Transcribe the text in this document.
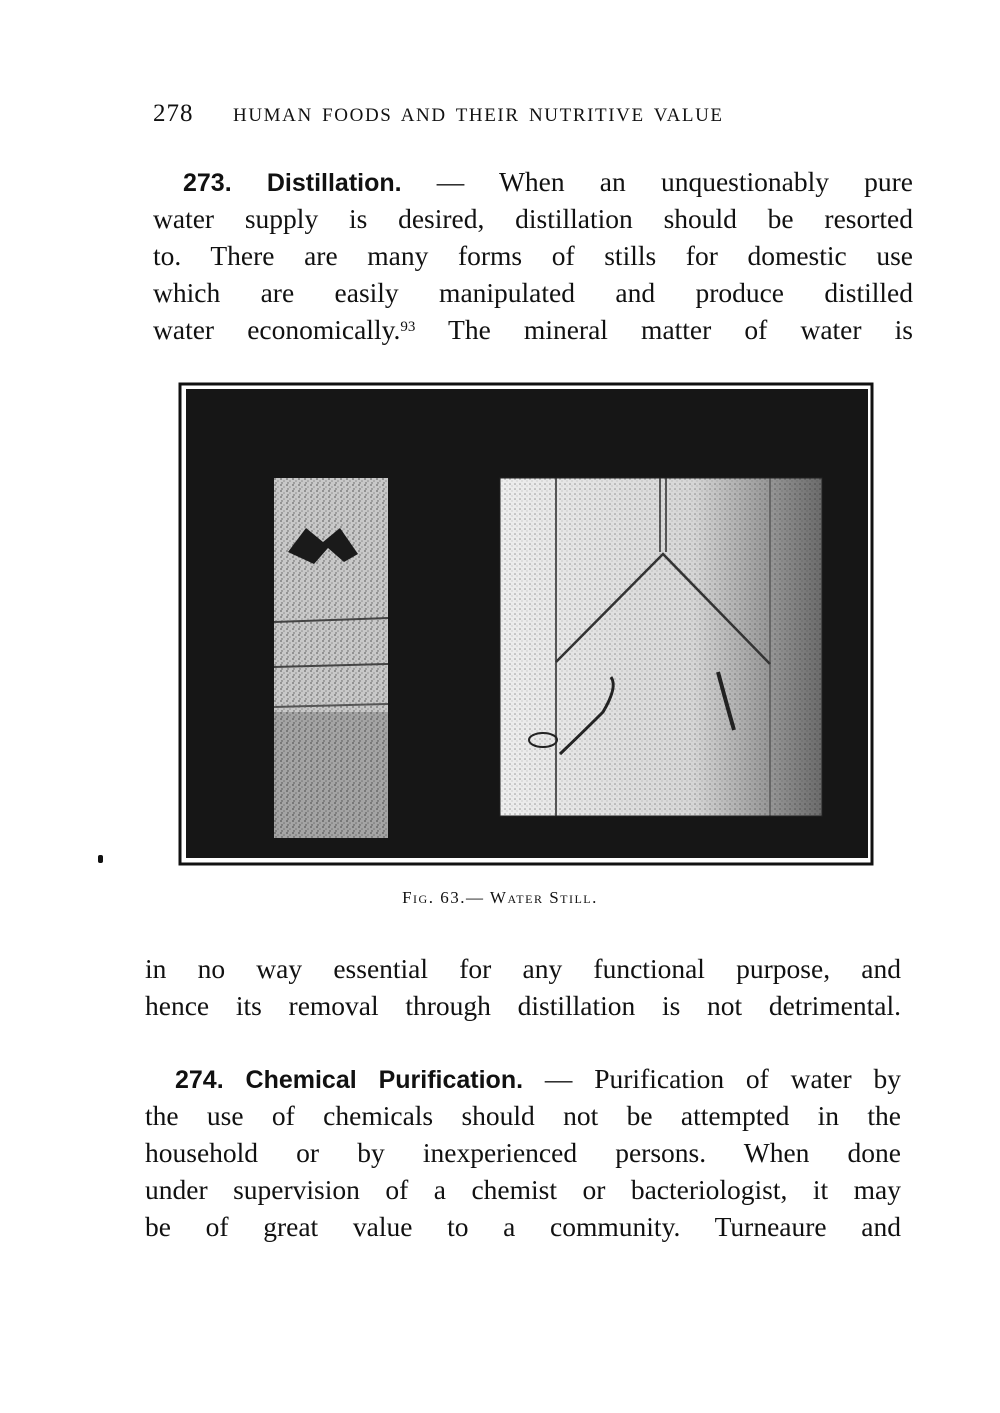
278 HUMAN FOODS AND THEIR NUTRITIVE VALUE
273. Distillation. — When an unquestionably pure
water supply is desired, distillation should be resorted
to. There are many forms of stills for domestic use
which are easily manipulated and produce distilled
water economically.$^{93}$ The mineral matter of water is
Fig. 63.— Water Still.
in no way essential for any functional purpose, and
hence its removal through distillation is not detrimental.
274. Chemical Purification. — Purification of water by
the use of chemicals should not be attempted in the
household or by inexperienced persons. When done
under supervision of a chemist or bacteriologist, it may
be of great value to a community. Turneaure and
